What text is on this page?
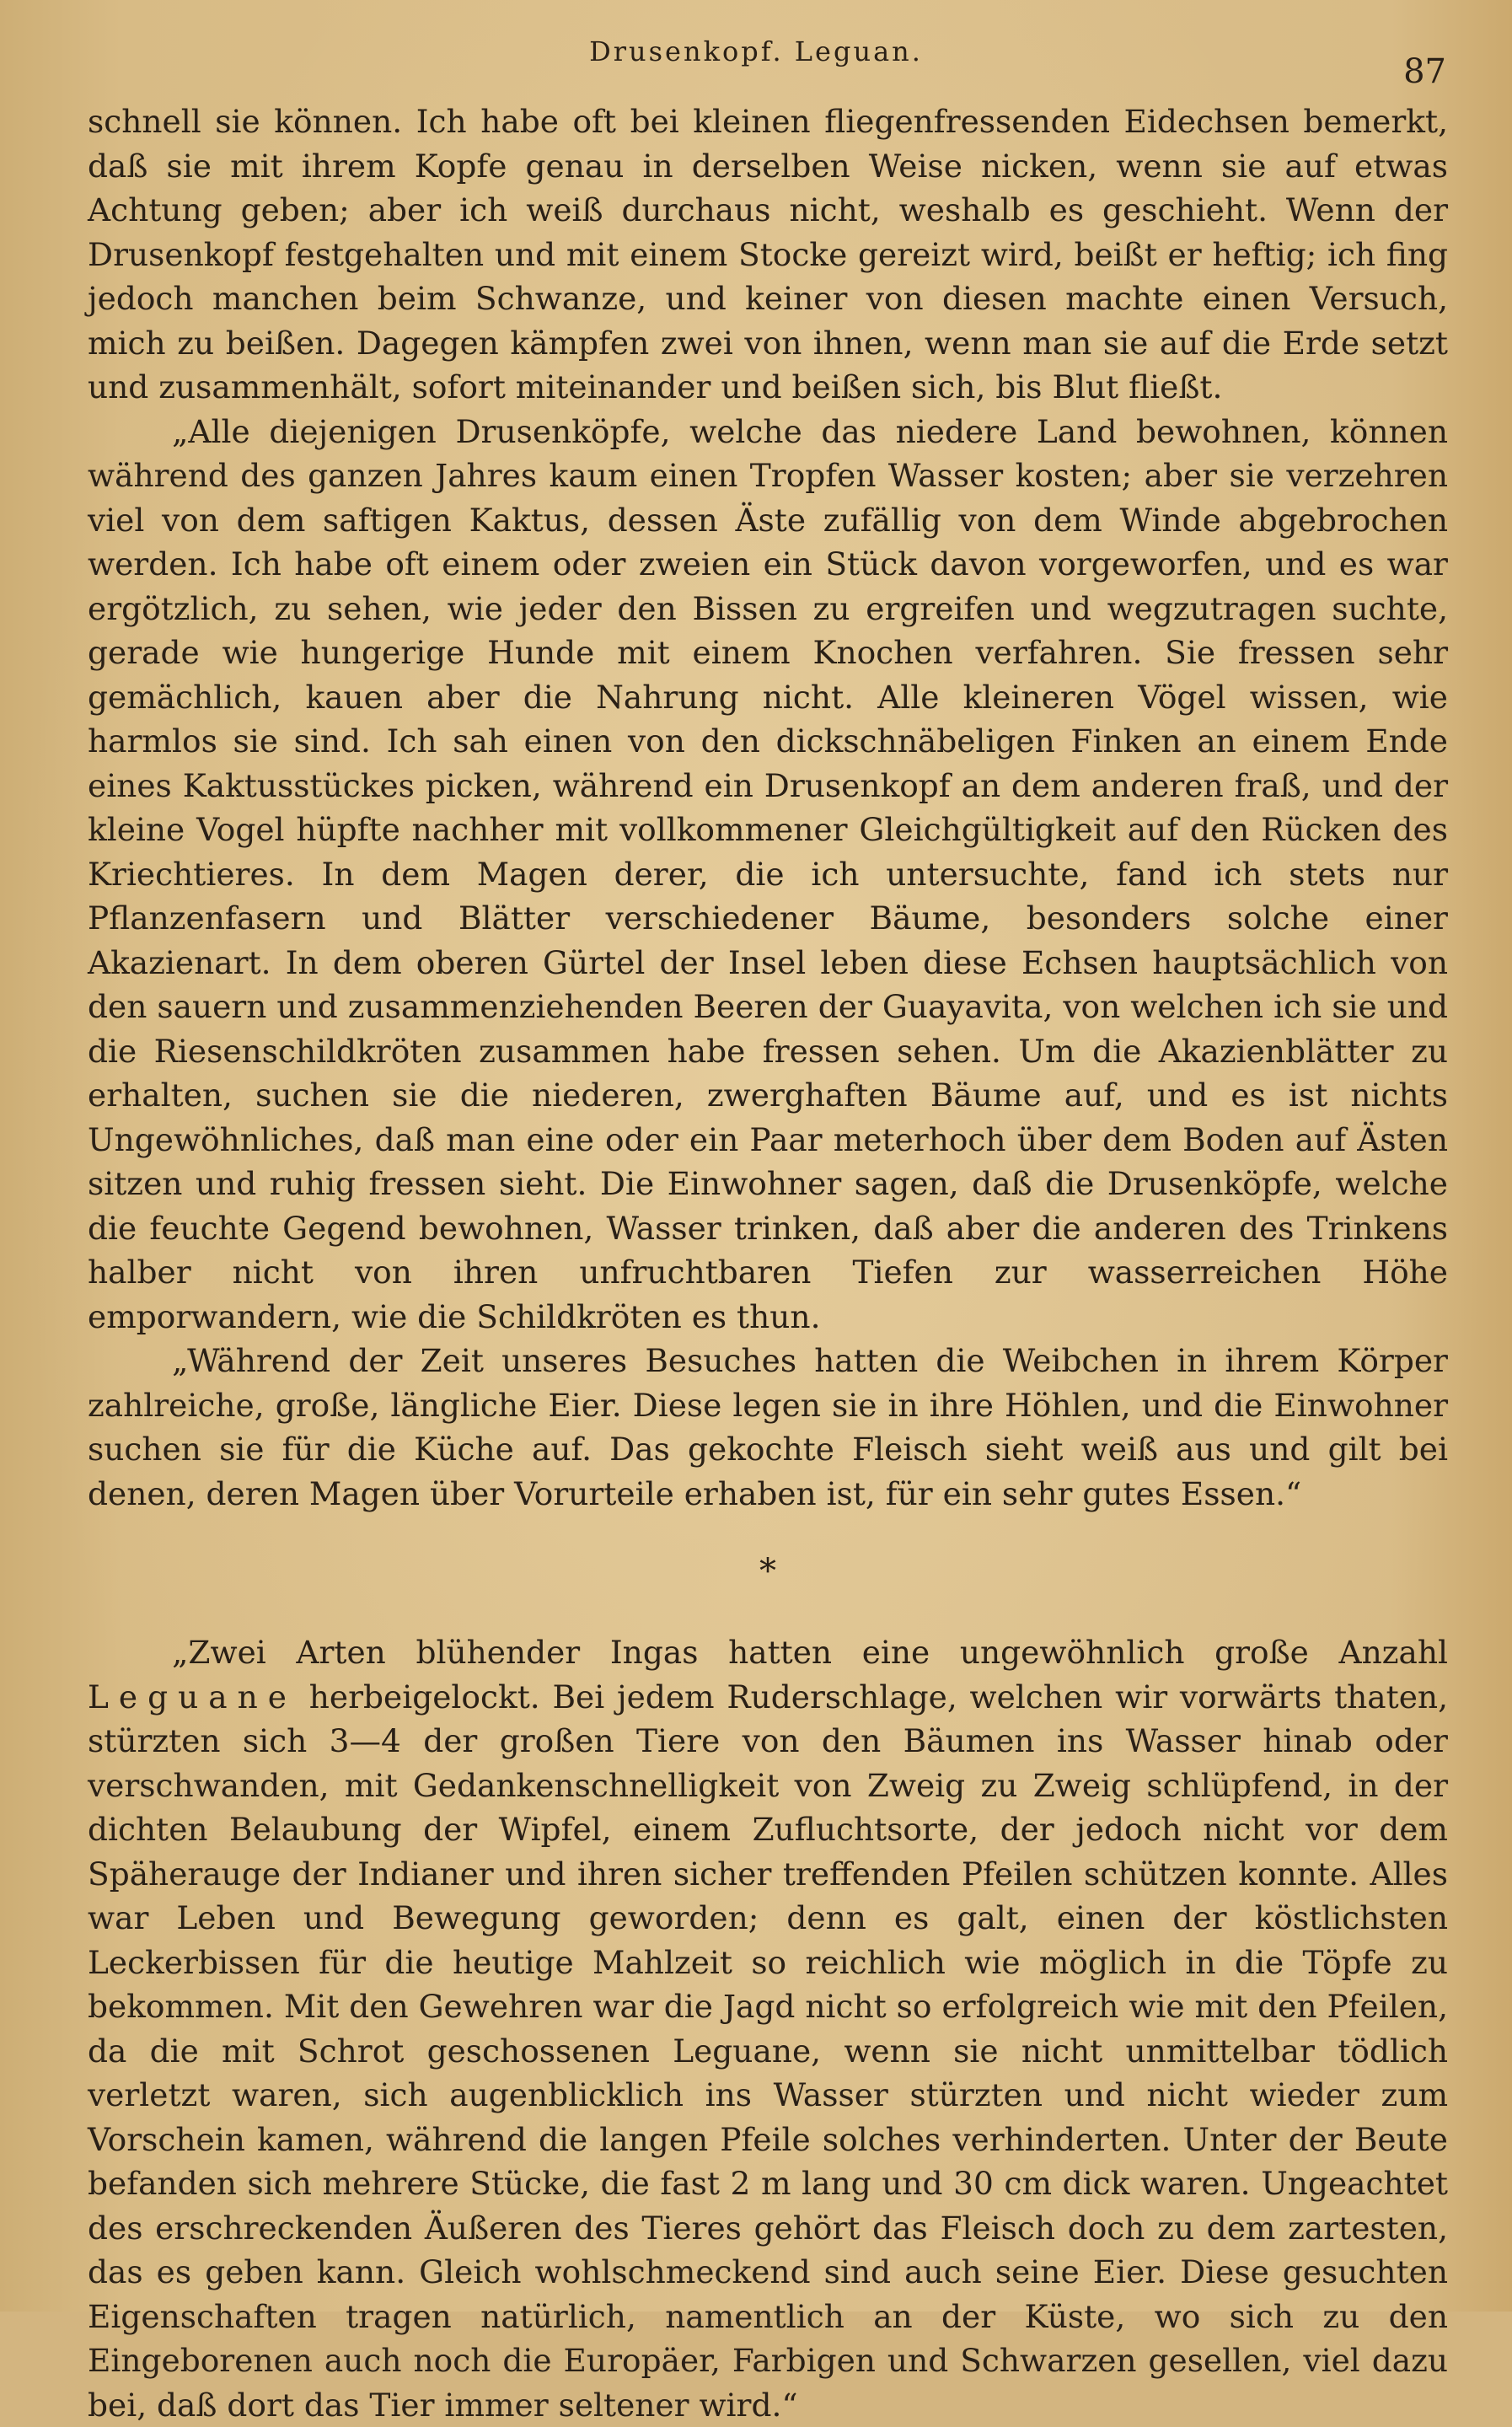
Drusenkopf. Leguan.
87

schnell sie können. Ich habe oft bei kleinen fliegenfressenden Eidechsen bemerkt, daß sie mit ihrem Kopfe genau in derselben Weise nicken, wenn sie auf etwas Achtung geben; aber ich weiß durchaus nicht, weshalb es geschieht. Wenn der Drusenkopf festgehalten und mit einem Stocke gereizt wird, beißt er heftig; ich fing jedoch manchen beim Schwanze, und keiner von diesen machte einen Versuch, mich zu beißen. Dagegen kämpfen zwei von ihnen, wenn man sie auf die Erde setzt und zusammenhält, sofort miteinander und beißen sich, bis Blut fließt.

„Alle diejenigen Drusenköpfe, welche das niedere Land bewohnen, können während des ganzen Jahres kaum einen Tropfen Wasser kosten; aber sie verzehren viel von dem saftigen Kaktus, dessen Äste zufällig von dem Winde abgebrochen werden. Ich habe oft einem oder zweien ein Stück davon vorgeworfen, und es war ergötzlich, zu sehen, wie jeder den Bissen zu ergreifen und wegzutragen suchte, gerade wie hungerige Hunde mit einem Knochen verfahren. Sie fressen sehr gemächlich, kauen aber die Nahrung nicht. Alle kleineren Vögel wissen, wie harmlos sie sind. Ich sah einen von den dickschnäbeligen Finken an einem Ende eines Kaktusstückes picken, während ein Drusenkopf an dem anderen fraß, und der kleine Vogel hüpfte nachher mit vollkommener Gleichgültigkeit auf den Rücken des Kriechtieres. In dem Magen derer, die ich untersuchte, fand ich stets nur Pflanzenfasern und Blätter verschiedener Bäume, besonders solche einer Akazienart. In dem oberen Gürtel der Insel leben diese Echsen hauptsächlich von den sauern und zusammenziehenden Beeren der Guayavita, von welchen ich sie und die Riesenschildkröten zusammen habe fressen sehen. Um die Akazienblätter zu erhalten, suchen sie die niederen, zwerghaften Bäume auf, und es ist nichts Ungewöhnliches, daß man eine oder ein Paar meterhoch über dem Boden auf Ästen sitzen und ruhig fressen sieht. Die Einwohner sagen, daß die Drusenköpfe, welche die feuchte Gegend bewohnen, Wasser trinken, daß aber die anderen des Trinkens halber nicht von ihren unfruchtbaren Tiefen zur wasserreichen Höhe emporwandern, wie die Schildkröten es thun.

„Während der Zeit unseres Besuches hatten die Weibchen in ihrem Körper zahlreiche, große, längliche Eier. Diese legen sie in ihre Höhlen, und die Einwohner suchen sie für die Küche auf. Das gekochte Fleisch sieht weiß aus und gilt bei denen, deren Magen über Vorurteile erhaben ist, für ein sehr gutes Essen.“

*

„Zwei Arten blühender Ingas hatten eine ungewöhnlich große Anzahl Leguane herbeigelockt. Bei jedem Ruderschlage, welchen wir vorwärts thaten, stürzten sich 3—4 der großen Tiere von den Bäumen ins Wasser hinab oder verschwanden, mit Gedankenschnelligkeit von Zweig zu Zweig schlüpfend, in der dichten Belaubung der Wipfel, einem Zufluchtsorte, der jedoch nicht vor dem Späherauge der Indianer und ihren sicher treffenden Pfeilen schützen konnte. Alles war Leben und Bewegung geworden; denn es galt, einen der köstlichsten Leckerbissen für die heutige Mahlzeit so reichlich wie möglich in die Töpfe zu bekommen. Mit den Gewehren war die Jagd nicht so erfolgreich wie mit den Pfeilen, da die mit Schrot geschossenen Leguane, wenn sie nicht unmittelbar tödlich verletzt waren, sich augenblicklich ins Wasser stürzten und nicht wieder zum Vorschein kamen, während die langen Pfeile solches verhinderten. Unter der Beute befanden sich mehrere Stücke, die fast 2 m lang und 30 cm dick waren. Ungeachtet des erschreckenden Äußeren des Tieres gehört das Fleisch doch zu dem zartesten, das es geben kann. Gleich wohlschmeckend sind auch seine Eier. Diese gesuchten Eigenschaften tragen natürlich, namentlich an der Küste, wo sich zu den Eingeborenen auch noch die Europäer, Farbigen und Schwarzen gesellen, viel dazu bei, daß dort das Tier immer seltener wird.“
